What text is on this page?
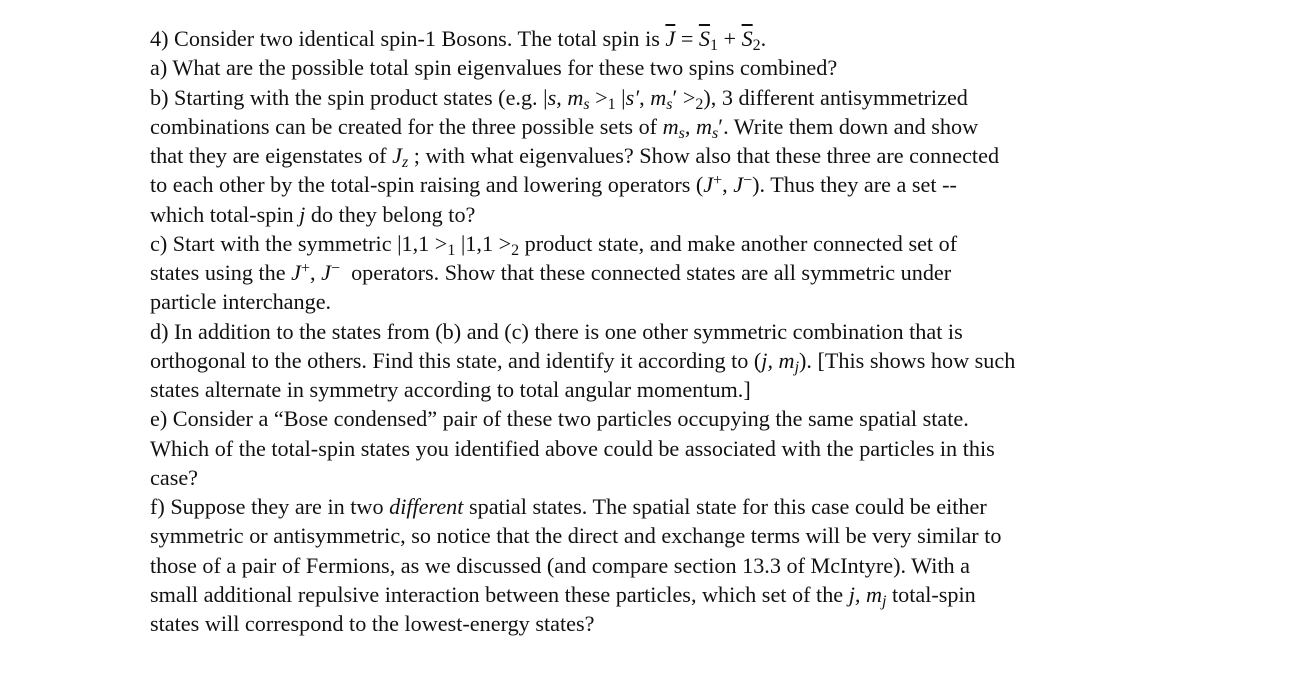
4) Consider two identical spin-1 Bosons. The total spin is $\overline{J} = \overline{S}_1 + \overline{S}_2$.
a) What are the possible total spin eigenvalues for these two spins combined?
b) Starting with the spin product states (e.g. |s, $m_s >_1$ |s′, $m_s' >_2$), 3 different antisymmetrized
combinations can be created for the three possible sets of $m_s$, $m_s'$. Write them down and show
that they are eigenstates of $J_z$ ; with what eigenvalues? Show also that these three are connected
to each other by the total-spin raising and lowering operators (J+, J−). Thus they are a set --
which total-spin j do they belong to?
c) Start with the symmetric $|1,1 >_1$ $|1,1 >_2$ product state, and make another connected set of
states using the J+, J−  operators. Show that these connected states are all symmetric under
particle interchange.
d) In addition to the states from (b) and (c) there is one other symmetric combination that is
orthogonal to the others. Find this state, and identify it according to (j, $m_j$). [This shows how such
states alternate in symmetry according to total angular momentum.]
e) Consider a “Bose condensed” pair of these two particles occupying the same spatial state.
Which of the total-spin states you identified above could be associated with the particles in this
case?
f) Suppose they are in two different spatial states. The spatial state for this case could be either
symmetric or antisymmetric, so notice that the direct and exchange terms will be very similar to
those of a pair of Fermions, as we discussed (and compare section 13.3 of McIntyre). With a
small additional repulsive interaction between these particles, which set of the j, $m_j$ total-spin
states will correspond to the lowest-energy states?
